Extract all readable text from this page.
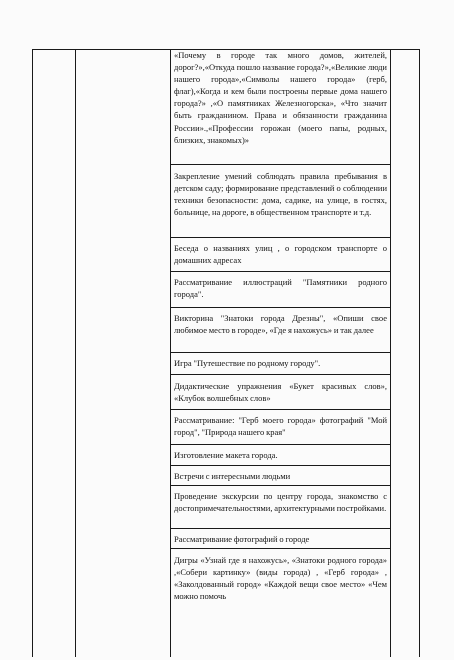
«Почему в городе так много домов, жителей, дорог?»,«Откуда пошло название города?»,«Великие люди нашего города»,«Символы нашего города» (герб, флаг),«Когда и кем были построены первые дома нашего города?» ,«О памятниках Железногорска», «Что значит быть гражданином. Права и обязанности гражданина России».,«Профессии горожан (моего папы, родных, близких, знакомых)»

Закрепление умений соблюдать правила пребывания в детском саду; формирование представлений о соблюдении техники безопасности: дома, садике, на улице, в гостях, больнице, на дороге, в общественном транспорте и т.д.

Беседа о названиях улиц , о городском транспорте о домашних адресах

Рассматривание иллюстраций "Памятники родного города".

Викторина "Знатоки города Дрезны", «Опиши свое любимое место в городе», «Где я нахожусь» и так далее

Игра "Путешествие по родному городу".

Дидактические упражнения «Букет красивых слов», «Клубок волшебных слов»

Рассматривание: "Герб моего города» фотографий "Мой город", "Природа нашего края"

Изготовление макета города.

Встречи с интересными людьми

Проведение экскурсии по центру города, знакомство с достопримечательностями, архитектурными постройками.

Рассматривание фотографий о городе

Дигры «Узнай где я нахожусь», «Знатоки родного города» ,«Собери картинку» (виды города) , «Герб города» , «Заколдованный город» «Каждой вещи свое место» «Чем можно помочь
